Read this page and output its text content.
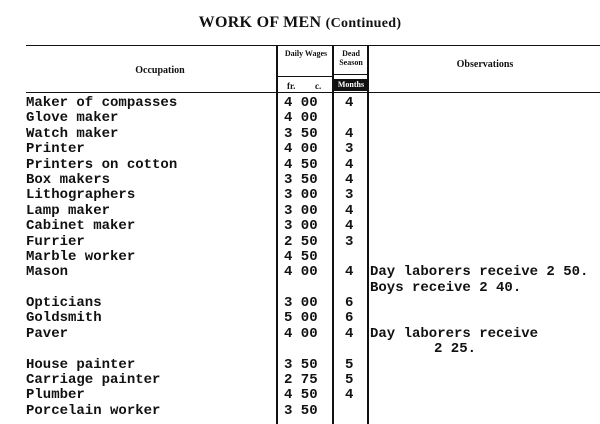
WORK OF MEN (Continued)
Occupation
Daily Wages
fr. c.
Dead Season
Months
Observations
Maker of compasses	4 00 4
Glove maker	4 00
Watch maker	3 50 4
Printer	4 00 3
Printers on cotton	4 50 4
Box makers	3 50 4
Lithographers	3 00 3
Lamp maker	3 00 4
Cabinet maker	3 00 4
Furrier	2 50 3
Marble worker	4 50
Mason	4 00 4 Day laborers receive 2 50.
Boys receive 2 40.
Opticians	3 00 6
Goldsmith	5 00 6
Paver	4 00 4 Day laborers receive
2 25.
House painter	3 50 5
Carriage painter	2 75 5
Plumber	4 50 4
Porcelain worker	3 50
